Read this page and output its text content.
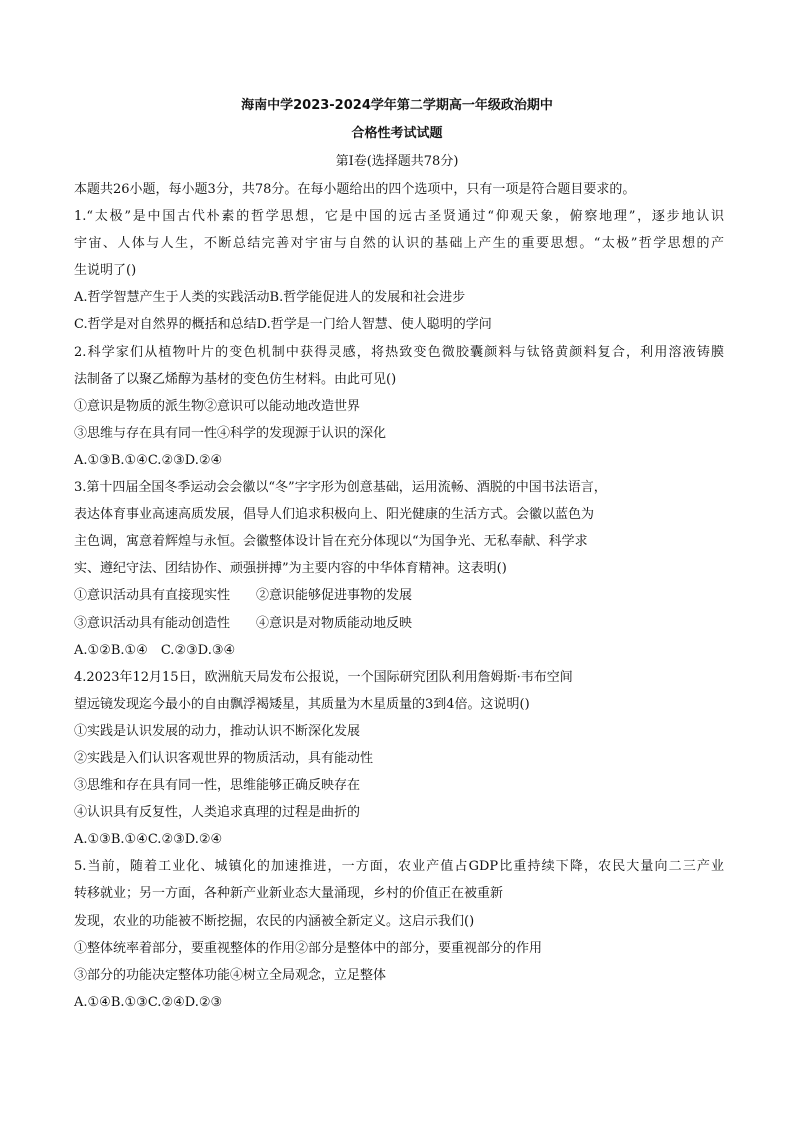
海南中学2023-2024学年第二学期高一年级政治期中
合格性考试试题
第I卷(选择题共78分)
本题共26小题，每小题3分，共78分。在每小题给出的四个选项中，只有一项是符合题目要求的。
1.“太极”是中国古代朴素的哲学思想，它是中国的远古圣贤通过“仰观天象，俯察地理”，逐步地认识
宇宙、人体与人生，不断总结完善对宇宙与自然的认识的基础上产生的重要思想。“太极”哲学思想的产
生说明了()
A.哲学智慧产生于人类的实践活动B.哲学能促进人的发展和社会进步
C.哲学是对自然界的概括和总结D.哲学是一门给人智慧、使人聪明的学问
2.科学家们从植物叶片的变色机制中获得灵感，将热致变色微胶囊颜料与钛铬黄颜料复合，利用溶液铸膜
法制备了以聚乙烯醇为基材的变色仿生材料。由此可见()
①意识是物质的派生物②意识可以能动地改造世界
③思维与存在具有同一性④科学的发现源于认识的深化
A.①③B.①④C.②③D.②④
3.第十四届全国冬季运动会会徽以“冬”字字形为创意基础，运用流畅、酒脱的中国书法语言，
表达体育事业高速高质发展，倡导人们追求积极向上、阳光健康的生活方式。会徽以蓝色为
主色调，寓意着辉煌与永恒。会徽整体设计旨在充分体现以“为国争光、无私奉献、科学求
实、遵纪守法、团结协作、顽强拼搏”为主要内容的中华体育精神。这表明()
①意识活动具有直接现实性　　②意识能够促进事物的发展
③意识活动具有能动创造性　　④意识是对物质能动地反映
A.①②B.①④　C.②③D.③④
4.2023年12月15日，欧洲航天局发布公报说，一个国际研究团队利用詹姆斯·韦布空间
望远镜发现迄今最小的自由飘浮褐矮星，其质量为木星质量的3到4倍。这说明()
①实践是认识发展的动力，推动认识不断深化发展
②实践是入们认识客观世界的物质活动，具有能动性
③思维和存在具有同一性，思维能够正确反映存在
④认识具有反复性，人类追求真理的过程是曲折的
A.①③B.①④C.②③D.②④
5.当前，随着工业化、城镇化的加速推进，一方面，农业产值占GDP比重持续下降，农民大量向二三产业
转移就业；另一方面，各种新产业新业态大量涌现，乡村的价值正在被重新
发现，农业的功能被不断挖掘，农民的内涵被全新定义。这启示我们()
①整体统率着部分，要重视整体的作用②部分是整体中的部分，要重视部分的作用
③部分的功能决定整体功能④树立全局观念，立足整体
A.①④B.①③C.②④D.②③
